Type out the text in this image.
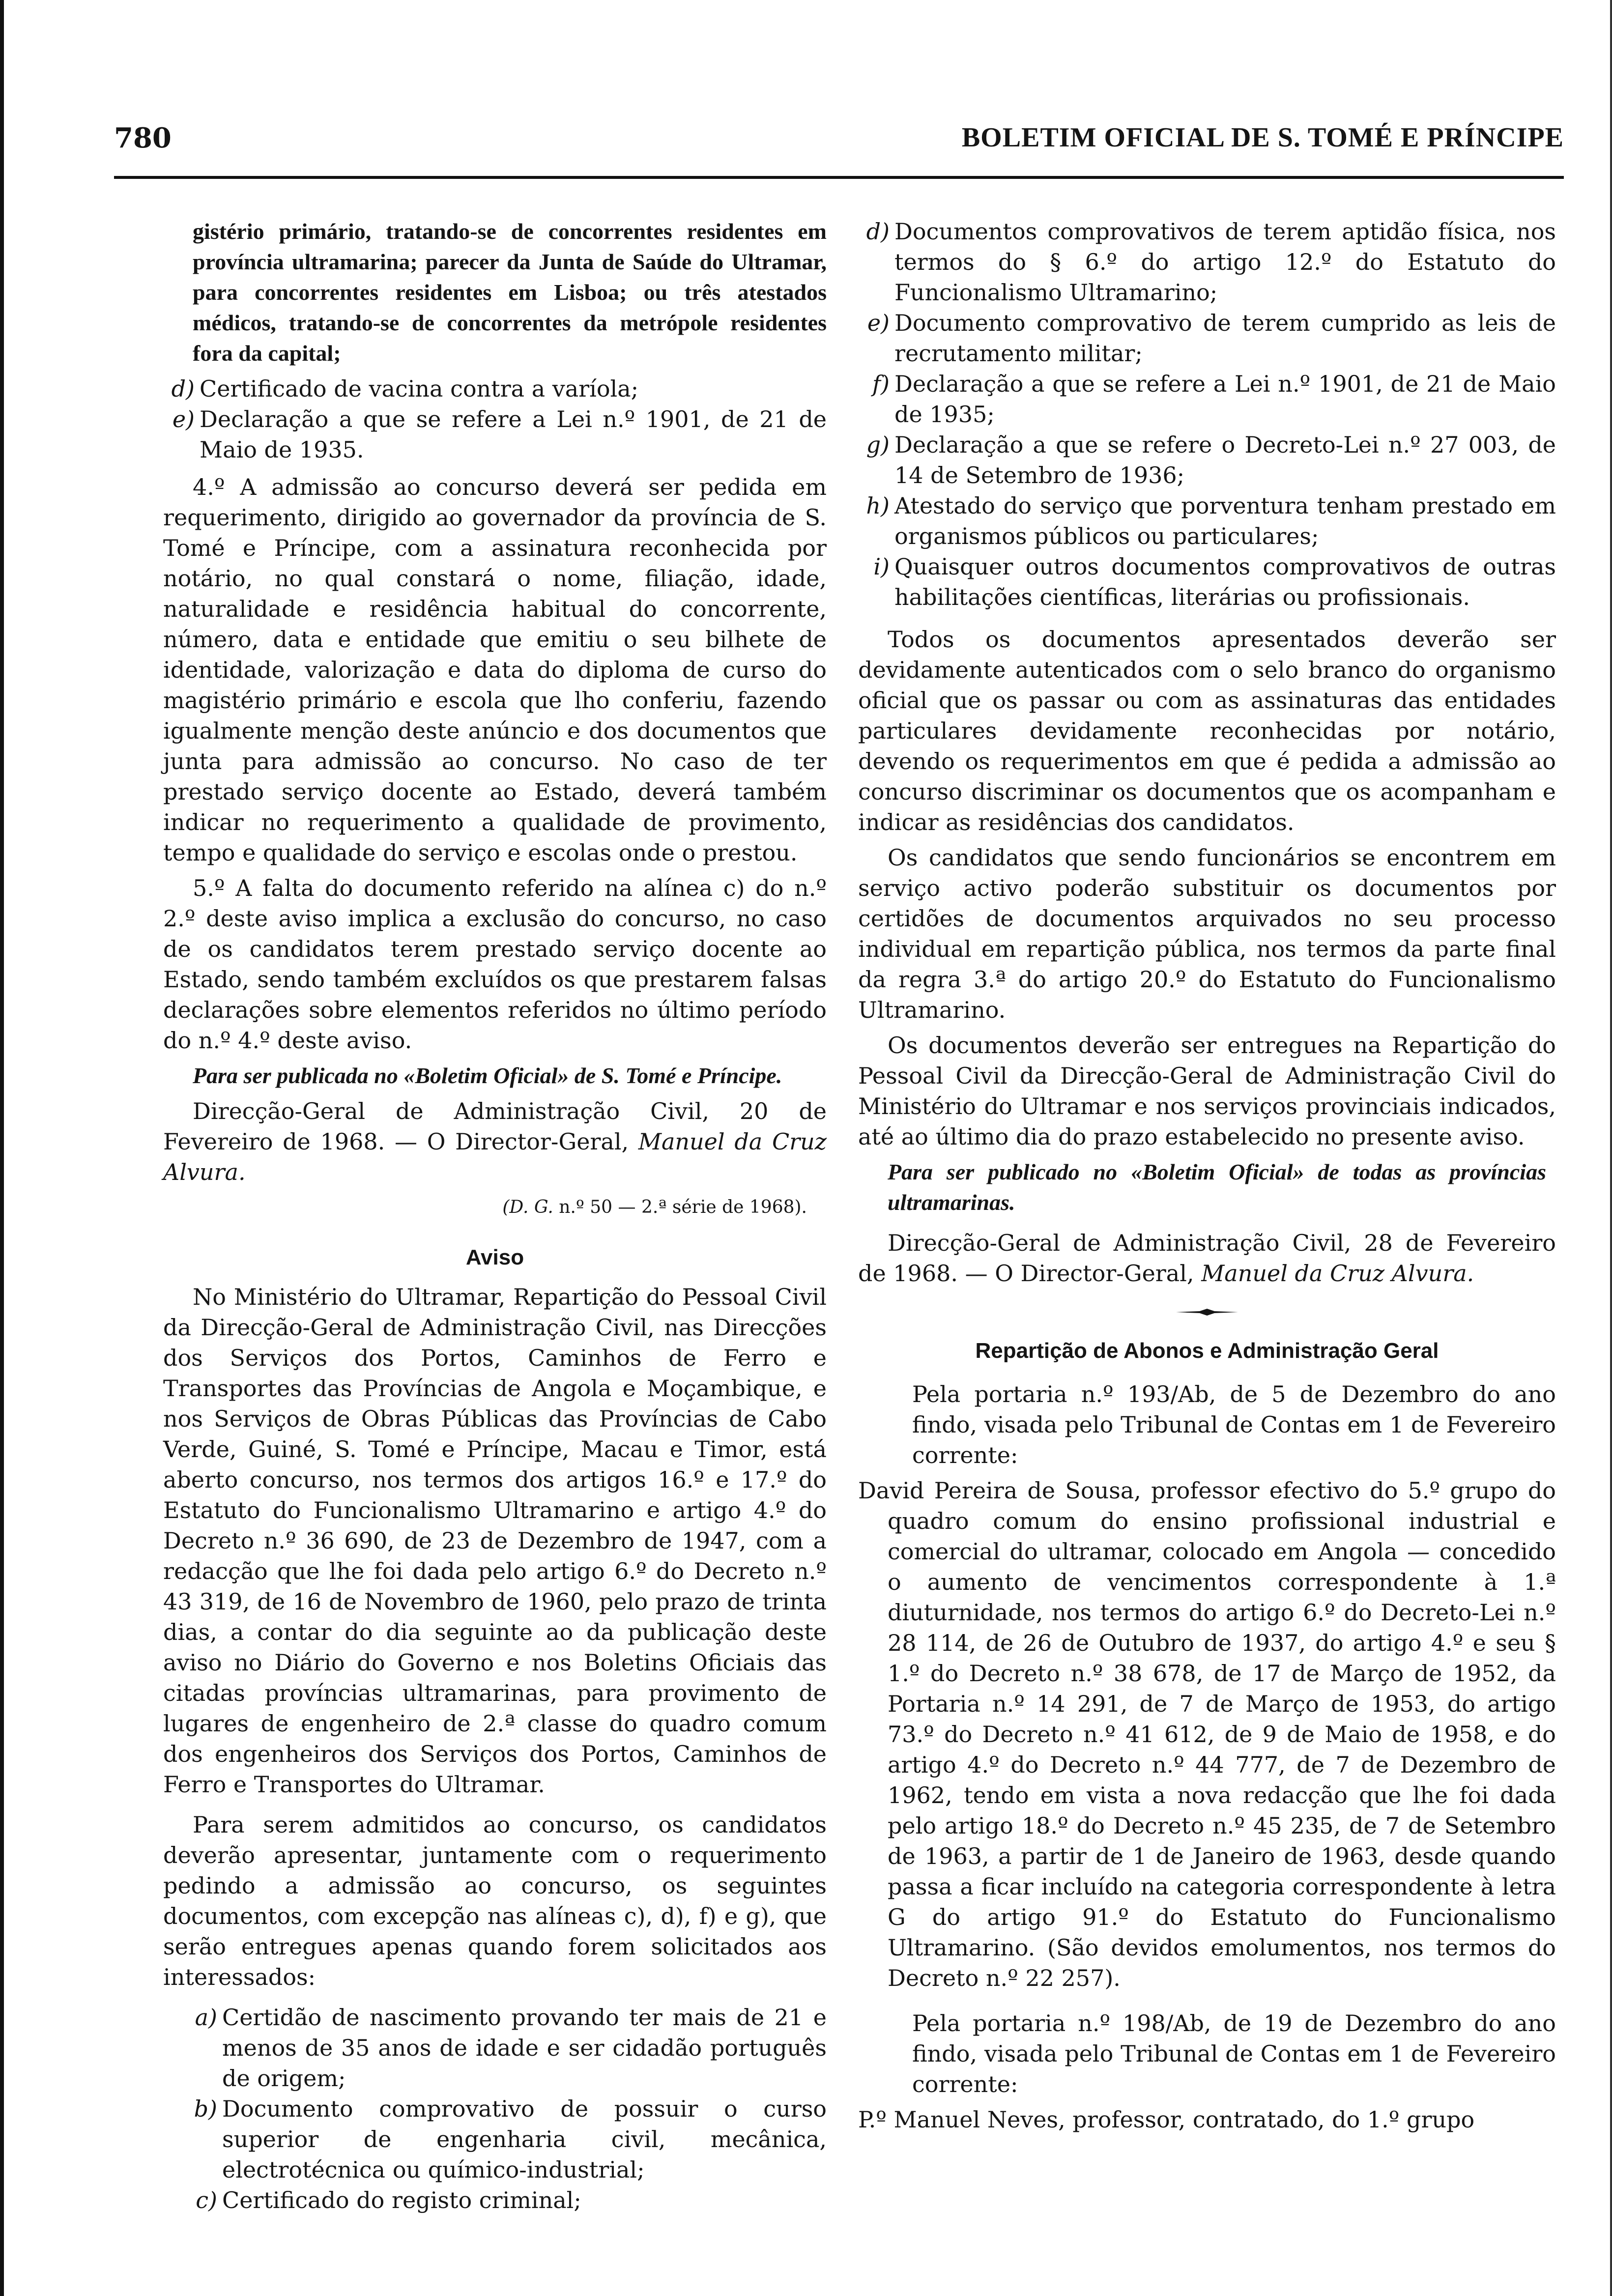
780	BOLETIM OFICIAL DE S. TOMÉ E PRÍNCIPE

gistério primário, tratando-se de concorrentes residentes em província ultramarina; parecer da Junta de Saúde do Ultramar, para concorrentes residentes em Lisboa; ou três atestados médicos, tratando-se de concorrentes da metrópole residentes fora da capital;

d) Certificado de vacina contra a varíola;
e) Declaração a que se refere a Lei n.º 1901, de 21 de Maio de 1935.

4.º A admissão ao concurso deverá ser pedida em requerimento, dirigido ao governador da província de S. Tomé e Príncipe, com a assinatura reconhecida por notário, no qual constará o nome, filiação, idade, naturalidade e residência habitual do concorrente, número, data e entidade que emitiu o seu bilhete de identidade, valorização e data do diploma de curso do magistério primário e escola que lho conferiu, fazendo igualmente menção deste anúncio e dos documentos que junta para admissão ao concurso. No caso de ter prestado serviço docente ao Estado, deverá também indicar no requerimento a qualidade de provimento, tempo e qualidade do serviço e escolas onde o prestou.

5.º A falta do documento referido na alínea c) do n.º 2.º deste aviso implica a exclusão do concurso, no caso de os candidatos terem prestado serviço docente ao Estado, sendo também excluídos os que prestarem falsas declarações sobre elementos referidos no último período do n.º 4.º deste aviso.

Para ser publicada no «Boletim Oficial» de S. Tomé e Príncipe.

Direcção-Geral de Administração Civil, 20 de Fevereiro de 1968. — O Director-Geral, Manuel da Cruz Alvura.

(D. G. n.º 50 — 2.ª série de 1968).

Aviso

No Ministério do Ultramar, Repartição do Pessoal Civil da Direcção-Geral de Administração Civil, nas Direcções dos Serviços dos Portos, Caminhos de Ferro e Transportes das Províncias de Angola e Moçambique, e nos Serviços de Obras Públicas das Províncias de Cabo Verde, Guiné, S. Tomé e Príncipe, Macau e Timor, está aberto concurso, nos termos dos artigos 16.º e 17.º do Estatuto do Funcionalismo Ultramarino e artigo 4.º do Decreto n.º 36 690, de 23 de Dezembro de 1947, com a redacção que lhe foi dada pelo artigo 6.º do Decreto n.º 43 319, de 16 de Novembro de 1960, pelo prazo de trinta dias, a contar do dia seguinte ao da publicação deste aviso no Diário do Governo e nos Boletins Oficiais das citadas províncias ultramarinas, para provimento de lugares de engenheiro de 2.ª classe do quadro comum dos engenheiros dos Serviços dos Portos, Caminhos de Ferro e Transportes do Ultramar.

Para serem admitidos ao concurso, os candidatos deverão apresentar, juntamente com o requerimento pedindo a admissão ao concurso, os seguintes documentos, com excepção nas alíneas c), d), f) e g), que serão entregues apenas quando forem solicitados aos interessados:

a) Certidão de nascimento provando ter mais de 21 e menos de 35 anos de idade e ser cidadão português de origem;
b) Documento comprovativo de possuir o curso superior de engenharia civil, mecânica, electrotécnica ou químico-industrial;
c) Certificado do registo criminal;
d) Documentos comprovativos de terem aptidão física, nos termos do § 6.º do artigo 12.º do Estatuto do Funcionalismo Ultramarino;
e) Documento comprovativo de terem cumprido as leis de recrutamento militar;
f) Declaração a que se refere a Lei n.º 1901, de 21 de Maio de 1935;
g) Declaração a que se refere o Decreto-Lei n.º 27 003, de 14 de Setembro de 1936;
h) Atestado do serviço que porventura tenham prestado em organismos públicos ou particulares;
i) Quaisquer outros documentos comprovativos de outras habilitações científicas, literárias ou profissionais.

Todos os documentos apresentados deverão ser devidamente autenticados com o selo branco do organismo oficial que os passar ou com as assinaturas das entidades particulares devidamente reconhecidas por notário, devendo os requerimentos em que é pedida a admissão ao concurso discriminar os documentos que os acompanham e indicar as residências dos candidatos.

Os candidatos que sendo funcionários se encontrem em serviço activo poderão substituir os documentos por certidões de documentos arquivados no seu processo individual em repartição pública, nos termos da parte final da regra 3.ª do artigo 20.º do Estatuto do Funcionalismo Ultramarino.

Os documentos deverão ser entregues na Repartição do Pessoal Civil da Direcção-Geral de Administração Civil do Ministério do Ultramar e nos serviços provinciais indicados, até ao último dia do prazo estabelecido no presente aviso.

Para ser publicado no «Boletim Oficial» de todas as províncias ultramarinas.

Direcção-Geral de Administração Civil, 28 de Fevereiro de 1968. — O Director-Geral, Manuel da Cruz Alvura.

Repartição de Abonos e Administração Geral

Pela portaria n.º 193/Ab, de 5 de Dezembro do ano findo, visada pelo Tribunal de Contas em 1 de Fevereiro corrente:

David Pereira de Sousa, professor efectivo do 5.º grupo do quadro comum do ensino profissional industrial e comercial do ultramar, colocado em Angola — concedido o aumento de vencimentos correspondente à 1.ª diuturnidade, nos termos do artigo 6.º do Decreto-Lei n.º 28 114, de 26 de Outubro de 1937, do artigo 4.º e seu § 1.º do Decreto n.º 38 678, de 17 de Março de 1952, da Portaria n.º 14 291, de 7 de Março de 1953, do artigo 73.º do Decreto n.º 41 612, de 9 de Maio de 1958, e do artigo 4.º do Decreto n.º 44 777, de 7 de Dezembro de 1962, tendo em vista a nova redacção que lhe foi dada pelo artigo 18.º do Decreto n.º 45 235, de 7 de Setembro de 1963, a partir de 1 de Janeiro de 1963, desde quando passa a ficar incluído na categoria correspondente à letra G do artigo 91.º do Estatuto do Funcionalismo Ultramarino. (São devidos emolumentos, nos termos do Decreto n.º 22 257).

Pela portaria n.º 198/Ab, de 19 de Dezembro do ano findo, visada pelo Tribunal de Contas em 1 de Fevereiro corrente:

P.º Manuel Neves, professor, contratado, do 1.º grupo
